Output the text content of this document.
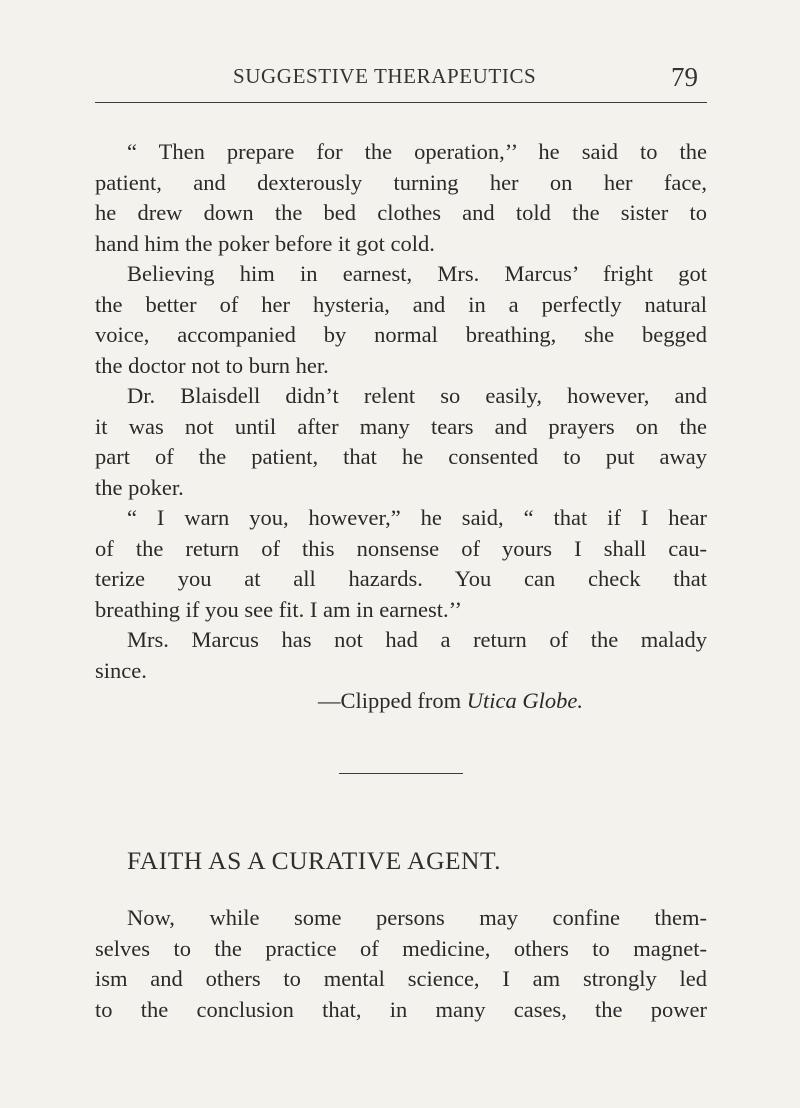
SUGGESTIVE THERAPEUTICS	79
“ Then prepare for the operation,’’ he said to the
patient, and dexterously turning her on her face,
he drew down the bed clothes and told the sister to
hand him the poker before it got cold.
Believing him in earnest, Mrs. Marcus’ fright got
the better of her hysteria, and in a perfectly natural
voice, accompanied by normal breathing, she begged
the doctor not to burn her.
Dr. Blaisdell didn’t relent so easily, however, and
it was not until after many tears and prayers on the
part of the patient, that he consented to put away
the poker.
“ I warn you, however,” he said, “ that if I hear
of the return of this nonsense of yours I shall cau-
terize you at all hazards. You can check that
breathing if you see fit. I am in earnest.’’
Mrs. Marcus has not had a return of the malady
since.
—Clipped from Utica Globe.
FAITH AS A CURATIVE AGENT.
Now, while some persons may confine them-
selves to the practice of medicine, others to magnet-
ism and others to mental science, I am strongly led
to the conclusion that, in many cases, the power
